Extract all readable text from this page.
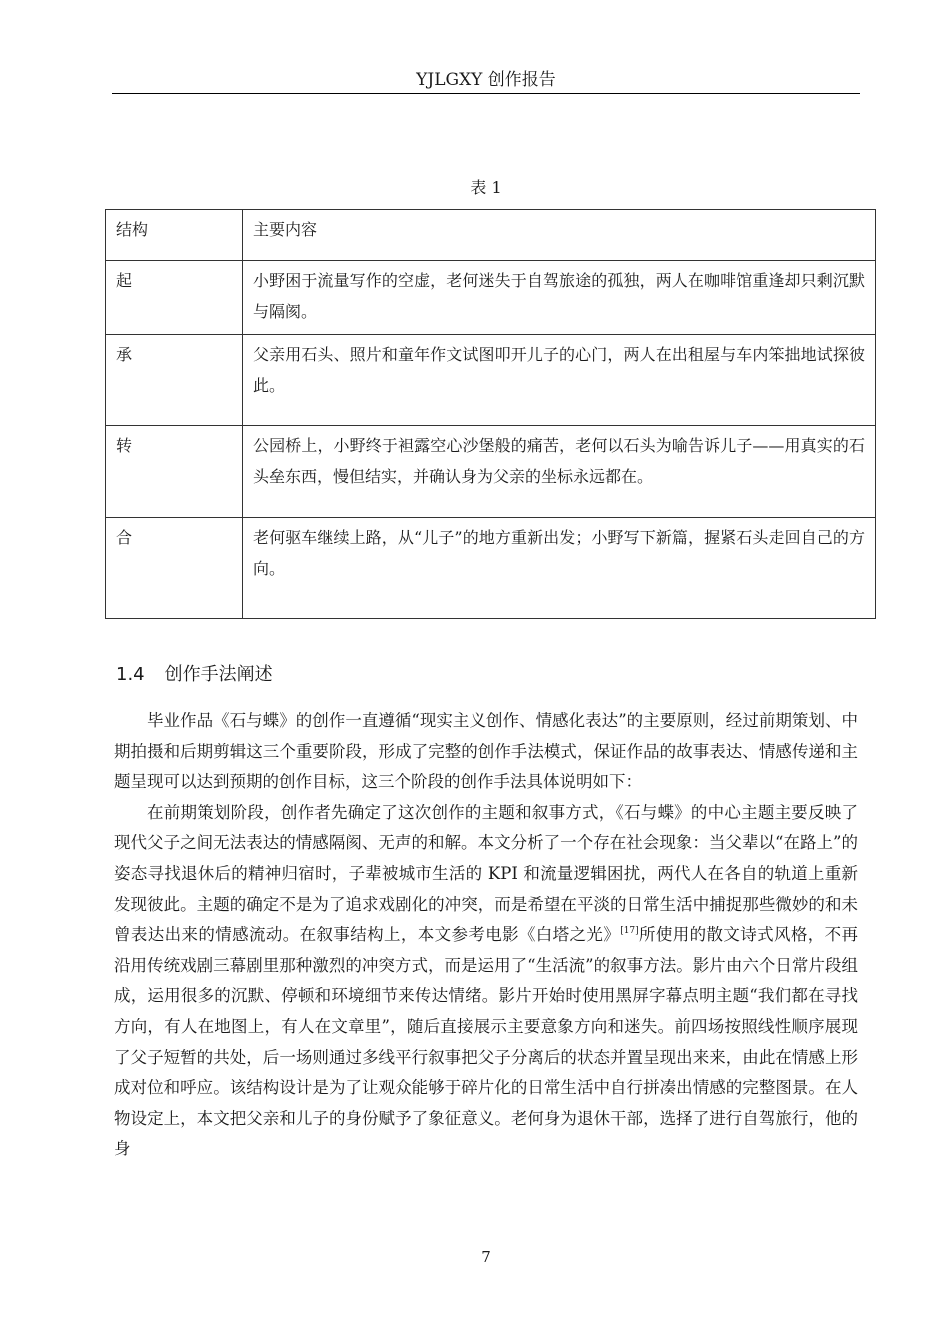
YJLGXY 创作报告
表 1
结构	主要内容
起	小野困于流量写作的空虚，老何迷失于自驾旅途的孤独，两人在咖啡馆重逢却只剩沉默与隔阂。
承	父亲用石头、照片和童年作文试图叩开儿子的心门，两人在出租屋与车内笨拙地试探彼此。
转	公园桥上，小野终于袒露空心沙堡般的痛苦，老何以石头为喻告诉儿子——用真实的石头垒东西，慢但结实，并确认身为父亲的坐标永远都在。
合	老何驱车继续上路，从“儿子”的地方重新出发；小野写下新篇，握紧石头走回自己的方向。
1.4 创作手法阐述

毕业作品《石与蝶》的创作一直遵循“现实主义创作、情感化表达”的主要原则，经过前期策划、中期拍摄和后期剪辑这三个重要阶段，形成了完整的创作手法模式，保证作品的故事表达、情感传递和主题呈现可以达到预期的创作目标，这三个阶段的创作手法具体说明如下：

在前期策划阶段，创作者先确定了这次创作的主题和叙事方式，《石与蝶》的中心主题主要反映了现代父子之间无法表达的情感隔阂、无声的和解。本文分析了一个存在社会现象：当父辈以“在路上”的姿态寻找退休后的精神归宿时，子辈被城市生活的 KPI 和流量逻辑困扰，两代人在各自的轨道上重新发现彼此。主题的确定不是为了追求戏剧化的冲突，而是希望在平淡的日常生活中捕捉那些微妙的和未曾表达出来的情感流动。在叙事结构上，本文参考电影《白塔之光》[17]所使用的散文诗式风格，不再沿用传统戏剧三幕剧里那种激烈的冲突方式，而是运用了“生活流”的叙事方法。影片由六个日常片段组成，运用很多的沉默、停顿和环境细节来传达情绪。影片开始时使用黑屏字幕点明主题“我们都在寻找方向，有人在地图上，有人在文章里”，随后直接展示主要意象方向和迷失。前四场按照线性顺序展现了父子短暂的共处，后一场则通过多线平行叙事把父子分离后的状态并置呈现出来来，由此在情感上形成对位和呼应。该结构设计是为了让观众能够于碎片化的日常生活中自行拼凑出情感的完整图景。在人物设定上，本文把父亲和儿子的身份赋予了象征意义。老何身为退休干部，选择了进行自驾旅行，他的身

7
